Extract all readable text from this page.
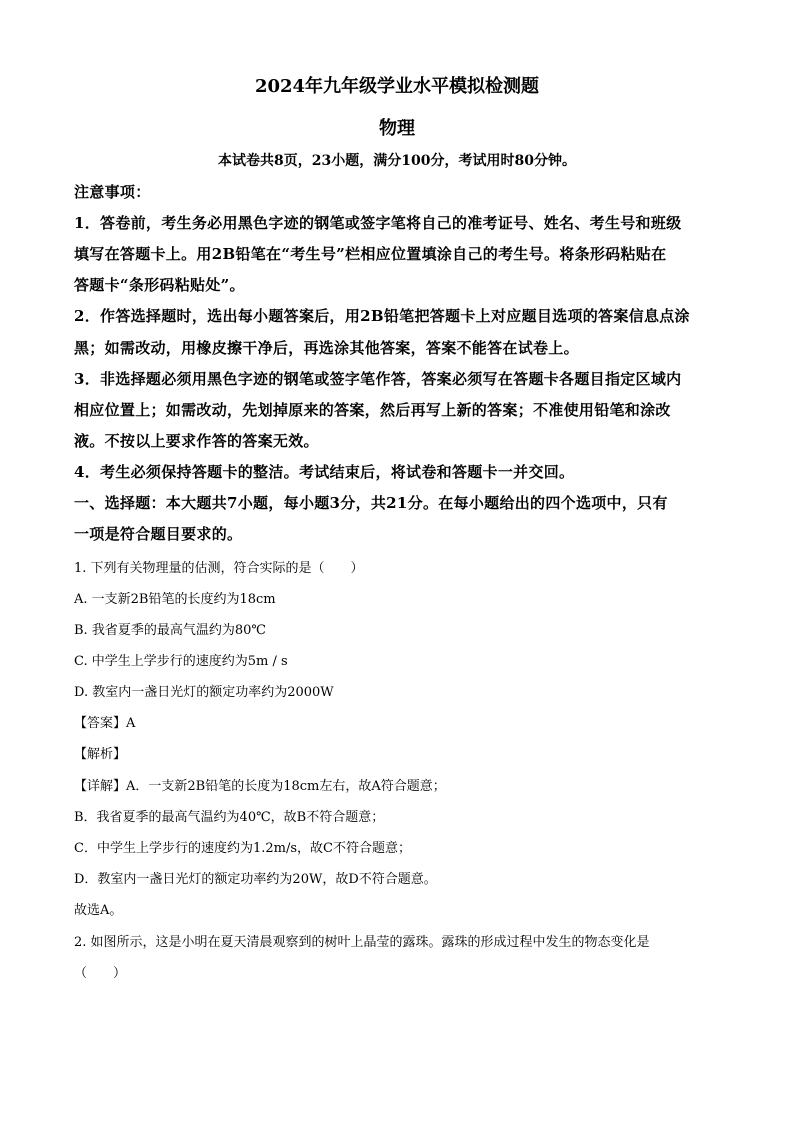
2024年九年级学业水平模拟检测题
物理
本试卷共8页，23小题，满分100分，考试用时80分钟。
注意事项：
1．答卷前，考生务必用黑色字迹的钢笔或签字笔将自己的准考证号、姓名、考生号和班级
填写在答题卡上。用2B铅笔在“考生号”栏相应位置填涂自己的考生号。将条形码粘贴在
答题卡“条形码粘贴处”。
2．作答选择题时，选出每小题答案后，用2B铅笔把答题卡上对应题目选项的答案信息点涂
黑；如需改动，用橡皮擦干净后，再选涂其他答案，答案不能答在试卷上。
3．非选择题必须用黑色字迹的钢笔或签字笔作答，答案必须写在答题卡各题目指定区域内
相应位置上；如需改动，先划掉原来的答案，然后再写上新的答案；不准使用铅笔和涂改
液。不按以上要求作答的答案无效。
4．考生必须保持答题卡的整洁。考试结束后，将试卷和答题卡一并交回。
一、选择题：本大题共7小题，每小题3分，共21分。在每小题给出的四个选项中，只有
一项是符合题目要求的。
1. 下列有关物理量的估测，符合实际的是（　　）
A. 一支新2B铅笔的长度约为18cm
B. 我省夏季的最高气温约为80℃
C. 中学生上学步行的速度约为5m / s
D. 教室内一盏日光灯的额定功率约为2000W
【答案】A
【解析】
【详解】A．一支新2B铅笔的长度为18cm左右，故A符合题意；
B．我省夏季的最高气温约为40℃，故B不符合题意；
C．中学生上学步行的速度约为1.2m/s，故C不符合题意；
D．教室内一盏日光灯的额定功率约为20W，故D不符合题意。
故选A。
2. 如图所示，这是小明在夏天清晨观察到的树叶上晶莹的露珠。露珠的形成过程中发生的物态变化是
（　　）
